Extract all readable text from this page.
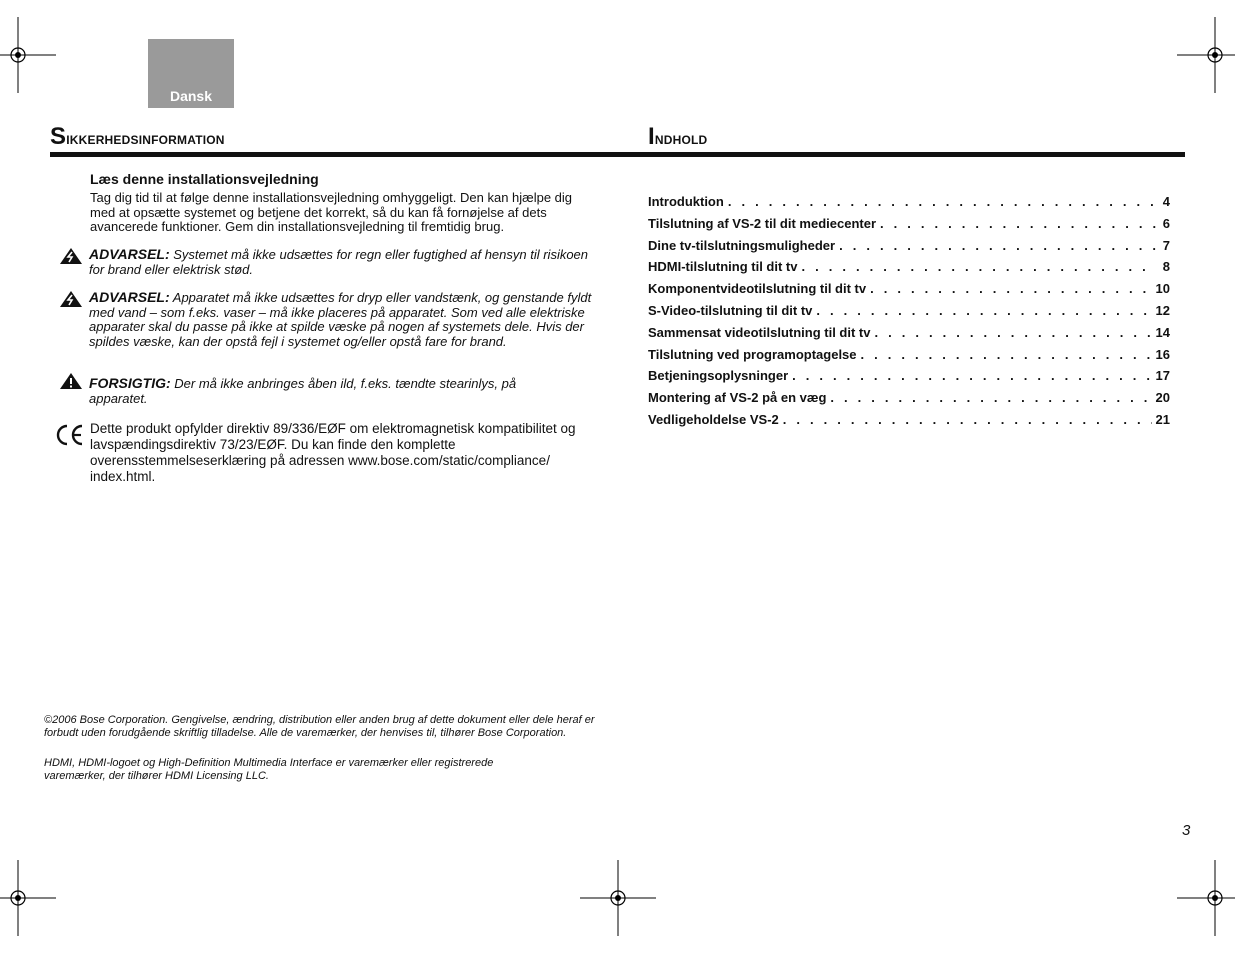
Dansk
Sikkerhedsinformation	Indhold
Læs denne installationsvejledning
Tag dig tid til at følge denne installationsvejledning omhyggeligt. Den kan hjælpe dig med at opsætte systemet og betjene det korrekt, så du kan få fornøjelse af dets avancerede funktioner. Gem din installationsvejledning til fremtidig brug.
ADVARSEL: Systemet må ikke udsættes for regn eller fugtighed af hensyn til risikoen for brand eller elektrisk stød.
ADVARSEL: Apparatet må ikke udsættes for dryp eller vandstænk, og genstande fyldt med vand – som f.eks. vaser – må ikke placeres på apparatet. Som ved alle elektriske apparater skal du passe på ikke at spilde væske på nogen af systemets dele. Hvis der spildes væske, kan der opstå fejl i systemet og/eller opstå fare for brand.
FORSIGTIG: Der må ikke anbringes åben ild, f.eks. tændte stearinlys, på apparatet.
Dette produkt opfylder direktiv 89/336/EØF om elektromagnetisk kompatibilitet og lavspændingsdirektiv 73/23/EØF. Du kan finde den komplette overensstemmelseserklæring på adressen www.bose.com/static/compliance/ index.html.
©2006 Bose Corporation. Gengivelse, ændring, distribution eller anden brug af dette dokument eller dele heraf er forbudt uden forudgående skriftlig tilladelse. Alle de varemærker, der henvises til, tilhører Bose Corporation.
HDMI, HDMI-logoet og High-Definition Multimedia Interface er varemærker eller registrerede varemærker, der tilhører HDMI Licensing LLC.
Introduktion . . .	4
Tilslutning af VS-2 til dit mediecenter . . .	6
Dine tv-tilslutningsmuligheder . . .	7
HDMI-tilslutning til dit tv . . .	8
Komponentvideotilslutning til dit tv . . .	10
S-Video-tilslutning til dit tv . . .	12
Sammensat videotilslutning til dit tv . . .	14
Tilslutning ved programoptagelse . . .	16
Betjeningsoplysninger . . .	17
Montering af VS-2 på en væg . . .	20
Vedligeholdelse VS-2 . . .	21
3
